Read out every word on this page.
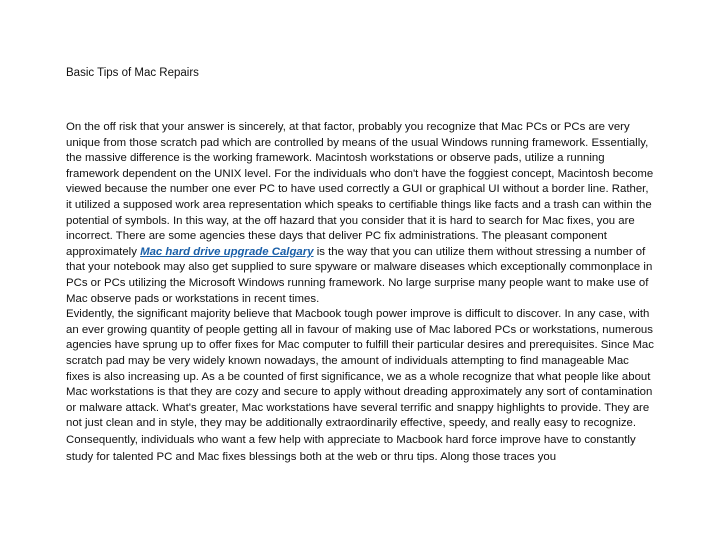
Basic Tips of Mac Repairs

On the off risk that your answer is sincerely, at that factor, probably you recognize that Mac PCs or PCs are very unique from those scratch pad which are controlled by means of the usual Windows running framework. Essentially, the massive difference is the working framework. Macintosh workstations or observe pads, utilize a running framework dependent on the UNIX level. For the individuals who don't have the foggiest concept, Macintosh become viewed because the number one ever PC to have used correctly a GUI or graphical UI without a border line. Rather, it utilized a supposed work area representation which speaks to certifiable things like facts and a trash can within the potential of symbols. In this way, at the off hazard that you consider that it is hard to search for Mac fixes, you are incorrect. There are some agencies these days that deliver PC fix administrations. The pleasant component approximately Mac hard drive upgrade Calgary is the way that you can utilize them without stressing a number of that your notebook may also get supplied to sure spyware or malware diseases which exceptionally commonplace in PCs or PCs utilizing the Microsoft Windows running framework. No large surprise many people want to make use of Mac observe pads or workstations in recent times.

Evidently, the significant majority believe that Macbook tough power improve is difficult to discover. In any case, with an ever growing quantity of people getting all in favour of making use of Mac labored PCs or workstations, numerous agencies have sprung up to offer fixes for Mac computer to fulfill their particular desires and prerequisites. Since Mac scratch pad may be very widely known nowadays, the amount of individuals attempting to find manageable Mac fixes is also increasing up. As a be counted of first significance, we as a whole recognize that what people like about Mac workstations is that they are cozy and secure to apply without dreading approximately any sort of contamination or malware attack. What's greater, Mac workstations have several terrific and snappy highlights to provide. They are not just clean and in style, they may be additionally extraordinarily effective, speedy, and really easy to recognize.

Consequently, individuals who want a few help with appreciate to Macbook hard force improve have to constantly study for talented PC and Mac fixes blessings both at the web or thru tips. Along those traces you
